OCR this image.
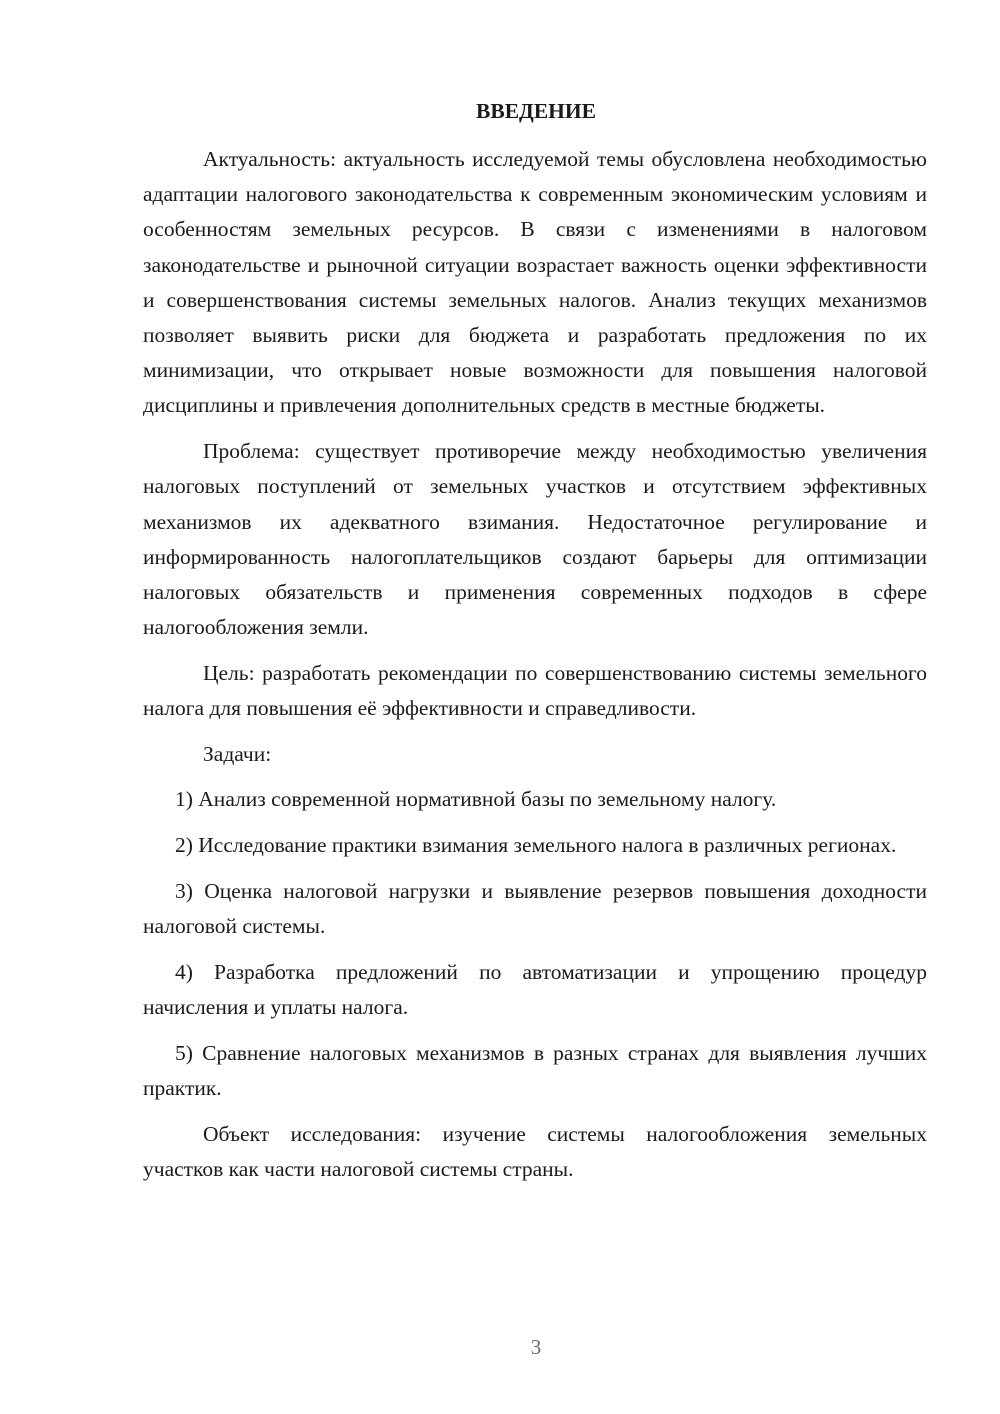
ВВЕДЕНИЕ

Актуальность: актуальность исследуемой темы обусловлена необходимостью адаптации налогового законодательства к современным экономическим условиям и особенностям земельных ресурсов. В связи с изменениями в налоговом законодательстве и рыночной ситуации возрастает важность оценки эффективности и совершенствования системы земельных налогов. Анализ текущих механизмов позволяет выявить риски для бюджета и разработать предложения по их минимизации, что открывает новые возможности для повышения налоговой дисциплины и привлечения дополнительных средств в местные бюджеты.

Проблема: существует противоречие между необходимостью увеличения налоговых поступлений от земельных участков и отсутствием эффективных механизмов их адекватного взимания. Недостаточное регулирование и информированность налогоплательщиков создают барьеры для оптимизации налоговых обязательств и применения современных подходов в сфере налогообложения земли.

Цель: разработать рекомендации по совершенствованию системы земельного налога для повышения её эффективности и справедливости.

Задачи:

1) Анализ современной нормативной базы по земельному налогу.

2) Исследование практики взимания земельного налога в различных регионах.

3) Оценка налоговой нагрузки и выявление резервов повышения доходности налоговой системы.

4) Разработка предложений по автоматизации и упрощению процедур начисления и уплаты налога.

5) Сравнение налоговых механизмов в разных странах для выявления лучших практик.

Объект исследования: изучение системы налогообложения земельных участков как части налоговой системы страны.

3
